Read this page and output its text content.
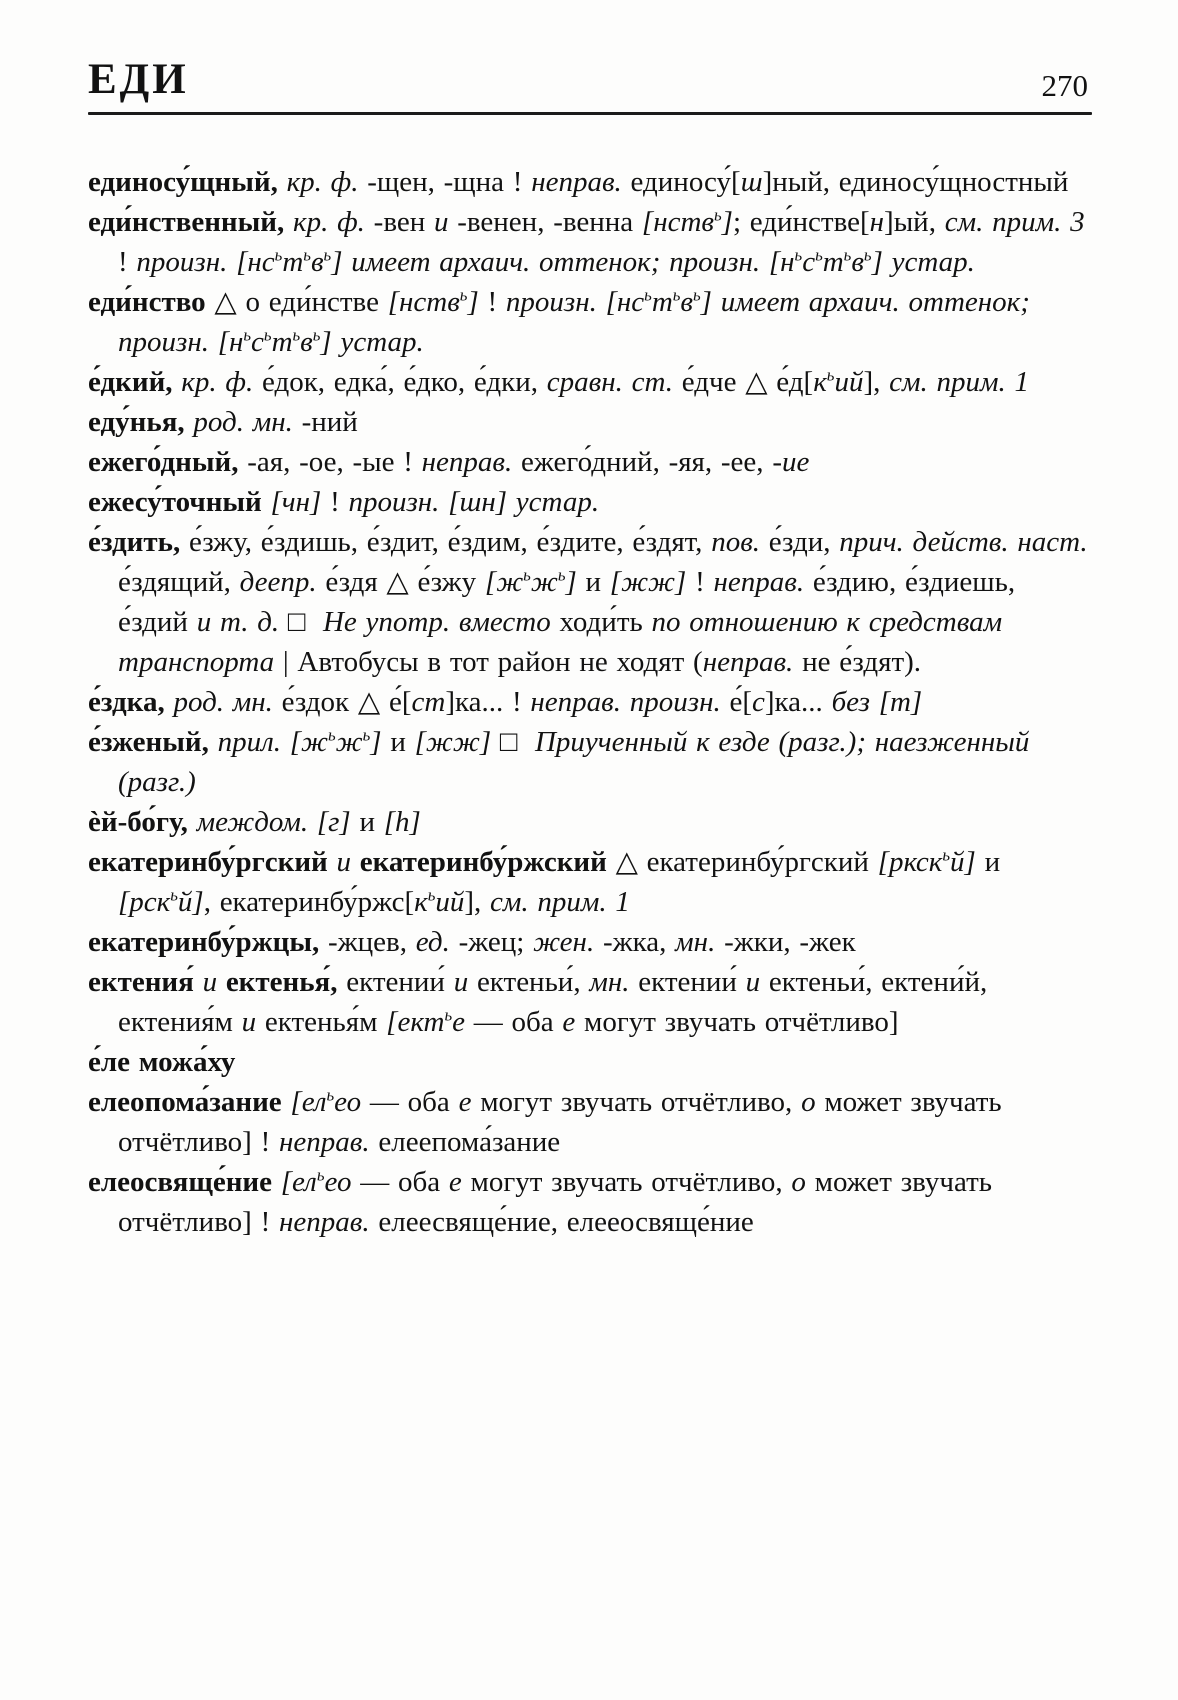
ЕДИ	270

единосу́щный, кр. ф. -щен, -щна ! неправ. единосу́[ш]ный, единосу́щностный

еди́нственный, кр. ф. -вен и -венен, -венна [нств$^ь$]; еди́нстве[н]ый, см. прим. 3 ! произн. $[нс^ьт^ьв^ь]$ имеет архаич. оттенок; произн. $[н^ьс^ьт^ьв^ь]$ устар.

еди́нство △ о еди́нстве [нств$^ь$] ! произн. $[нс^ьт^ьв^ь]$ имеет архаич. оттенок; произн. $[н^ьс^ьт^ьв^ь]$ устар.

е́дкий, кр. ф. е́док, едка́, е́дко, е́дки, сравн. ст. е́дче △ $е́д[к^ьий]$, см. прим. 1

еду́нья, род. мн. -ний

ежего́дный, -ая, -ое, -ые ! неправ. ежего́дний, -яя, -ее, -ие

ежесу́точный [чн] ! произн. [шн] устар.

е́здить, е́зжу, е́здишь, е́здит, е́здим, е́здите, е́здят, пов. е́зди, прич. действ. наст. е́здящий, деепр. е́здя △ е́зжу $[ж^ьж^ь]$ и [жж] ! неправ. е́здию, е́здиешь, е́здий и т. д. □  Не употр. вместо ходи́ть по отношению к средствам транспорта | Автобусы в тот район не ходят (неправ. не е́здят).

е́здка, род. мн. е́здок △ е́[ст]ка... ! неправ. произн. е́[с]ка... без [т]

е́зженый, прил. $[ж^ьж^ь]$ и [жж] □  Приученный к езде (разг.); наезженный (разг.)

ѐй-бо́гу, междом. [г] и [h]

екатеринбу́ргский и екатеринбу́ржский △ екатеринбу́ргский [ркск$^ь$й] и [рск$^ь$й], $екатеринбу́ржс[к^ьий]$, см. прим. 1

екатеринбу́ржцы, -жцев, ед. -жец; жен. -жка, мн. -жки, -жек

ектения́ и ектенья́, ектении́ и ектеньи́, мн. ектении́ и ектеньи́, ектени́й, ектения́м и ектенья́м [ект$^ь$е — оба е могут звучать отчётливо]

е́ле можа́ху

елеопома́зание [$ел^ьео$ — оба е могут звучать отчётливо, о может звучать отчётливо] ! неправ. елеепома́зание

елеосвяще́ние [$ел^ьео$ — оба е могут звучать отчётливо, о может звучать отчётливо] ! неправ. елеесвяще́ние, елееосвяще́ние
